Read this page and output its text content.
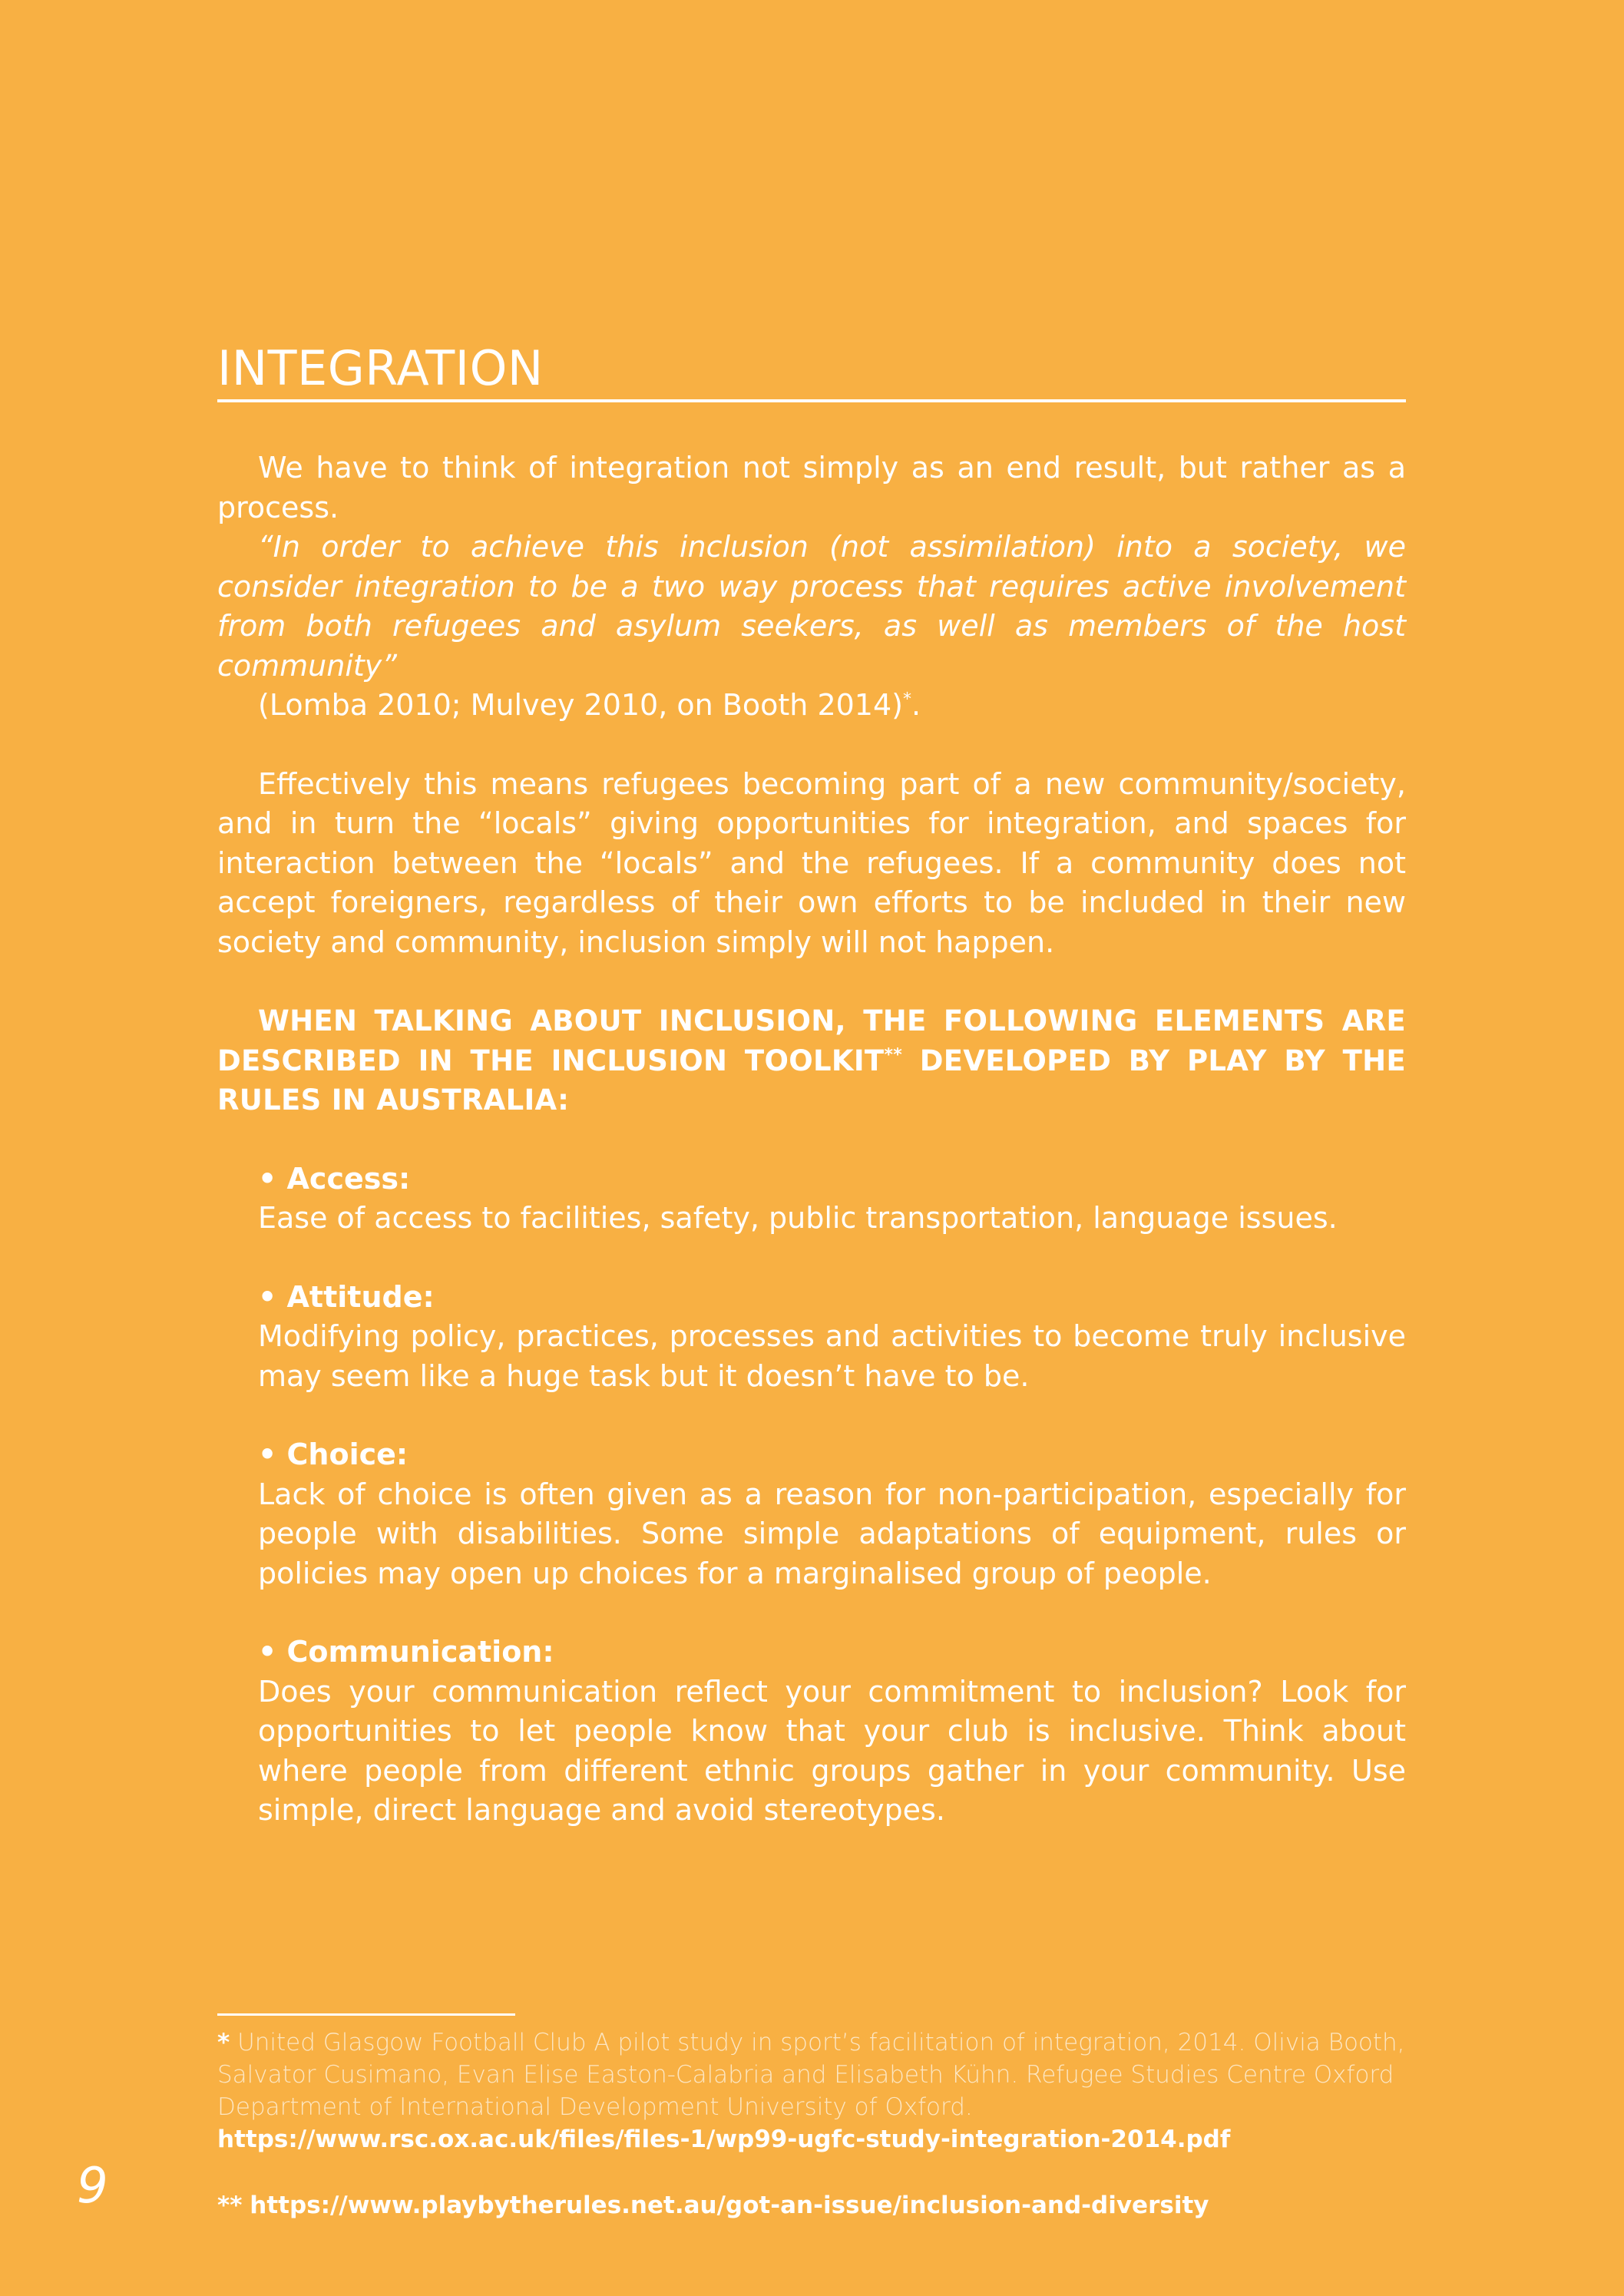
INTEGRATION

We have to think of integration not simply as an end result, but rather as a process.

“In order to achieve this inclusion (not assimilation) into a society, we consider integration to be a two way process that requires active involvement from both refugees and asylum seekers, as well as members of the host community”

(Lomba 2010; Mulvey 2010, on Booth 2014)*.

Effectively this means refugees becoming part of a new community/society, and in turn the “locals” giving opportunities for integration, and spaces for interaction between the “locals” and the refugees. If a community does not accept foreigners, regardless of their own efforts to be included in their new society and community, inclusion simply will not happen.

WHEN TALKING ABOUT INCLUSION, THE FOLLOWING ELEMENTS ARE DESCRIBED IN THE INCLUSION TOOLKIT** DEVELOPED BY PLAY BY THE RULES IN AUSTRALIA:

• Access:
Ease of access to facilities, safety, public transportation, language issues.
• Attitude:
Modifying policy, practices, processes and activities to become truly inclusive may seem like a huge task but it doesn’t have to be.
• Choice:
Lack of choice is often given as a reason for non-participation, especially for people with disabilities. Some simple adaptations of equipment, rules or policies may open up choices for a marginalised group of people.
• Communication:
Does your communication reflect your commitment to inclusion? Look for opportunities to let people know that your club is inclusive. Think about where people from different ethnic groups gather in your community. Use simple, direct language and avoid stereotypes.

* United Glasgow Football Club A pilot study in sport’s facilitation of integration, 2014. Olivia Booth, Salvator Cusimano, Evan Elise Easton-Calabria and Elisabeth Kühn. Refugee Studies Centre Oxford Department of International Development University of Oxford.

https://www.rsc.ox.ac.uk/files/files-1/wp99-ugfc-study-integration-2014.pdf

** https://www.playbytherules.net.au/got-an-issue/inclusion-and-diversity

9
